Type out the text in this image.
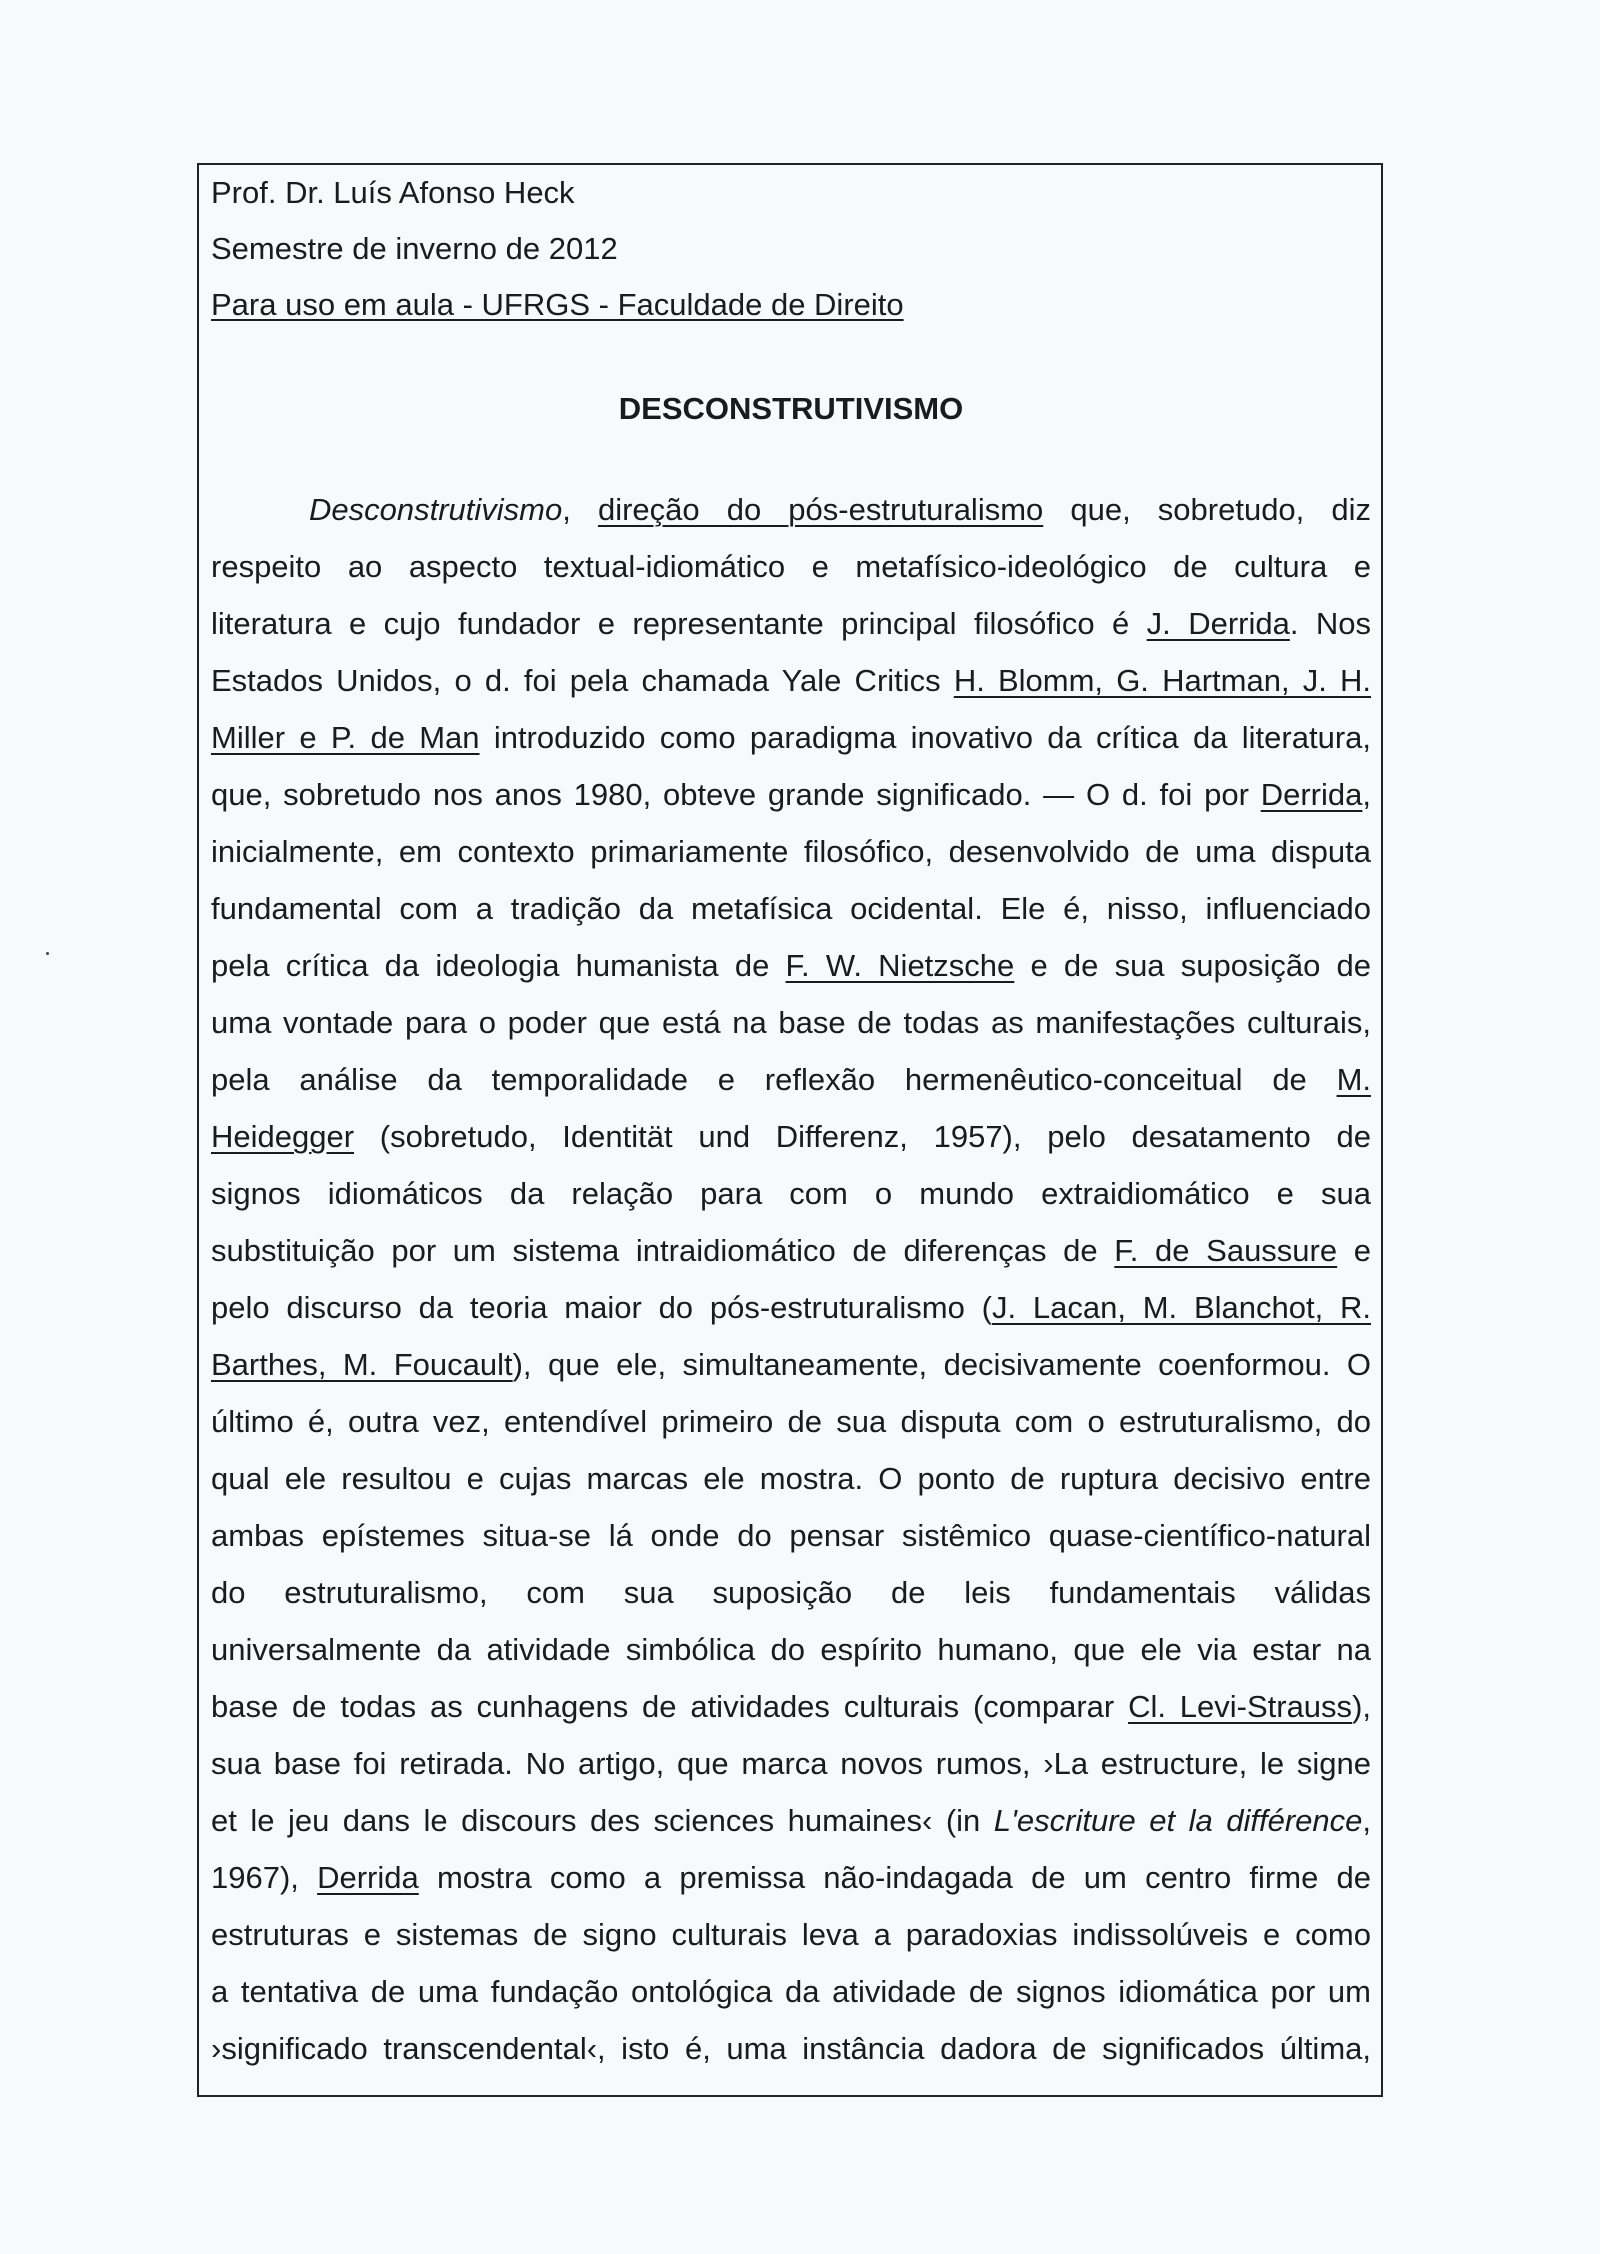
Prof. Dr. Luís Afonso Heck
Semestre de inverno de 2012
Para uso em aula - UFRGS - Faculdade de Direito
DESCONSTRUTIVISMO
Desconstrutivismo, direção do pós-estruturalismo que, sobretudo, diz
respeito ao aspecto textual-idiomático e metafísico-ideológico de cultura e
literatura e cujo fundador e representante principal filosófico é J. Derrida. Nos
Estados Unidos, o d. foi pela chamada Yale Critics H. Blomm, G. Hartman, J. H.
Miller e P. de Man introduzido como paradigma inovativo da crítica da literatura,
que, sobretudo nos anos 1980, obteve grande significado. — O d. foi por Derrida,
inicialmente, em contexto primariamente filosófico, desenvolvido de uma disputa
fundamental com a tradição da metafísica ocidental. Ele é, nisso, influenciado
pela crítica da ideologia humanista de F. W. Nietzsche e de sua suposição de
uma vontade para o poder que está na base de todas as manifestações culturais,
pela análise da temporalidade e reflexão hermenêutico-conceitual de M.
Heidegger (sobretudo, Identität und Differenz, 1957), pelo desatamento de
signos idiomáticos da relação para com o mundo extraidiomático e sua
substituição por um sistema intraidiomático de diferenças de F. de Saussure e
pelo discurso da teoria maior do pós-estruturalismo (J. Lacan, M. Blanchot, R.
Barthes, M. Foucault), que ele, simultaneamente, decisivamente coenformou. O
último é, outra vez, entendível primeiro de sua disputa com o estruturalismo, do
qual ele resultou e cujas marcas ele mostra. O ponto de ruptura decisivo entre
ambas epístemes situa-se lá onde do pensar sistêmico quase-científico-natural
do estruturalismo, com sua suposição de leis fundamentais válidas
universalmente da atividade simbólica do espírito humano, que ele via estar na
base de todas as cunhagens de atividades culturais (comparar Cl. Levi-Strauss),
sua base foi retirada. No artigo, que marca novos rumos, ›La estructure, le signe
et le jeu dans le discours des sciences humaines‹ (in L'escriture et la différence,
1967), Derrida mostra como a premissa não-indagada de um centro firme de
estruturas e sistemas de signo culturais leva a paradoxias indissolúveis e como
a tentativa de uma fundação ontológica da atividade de signos idiomática por um
›significado transcendental‹, isto é, uma instância dadora de significados última,
